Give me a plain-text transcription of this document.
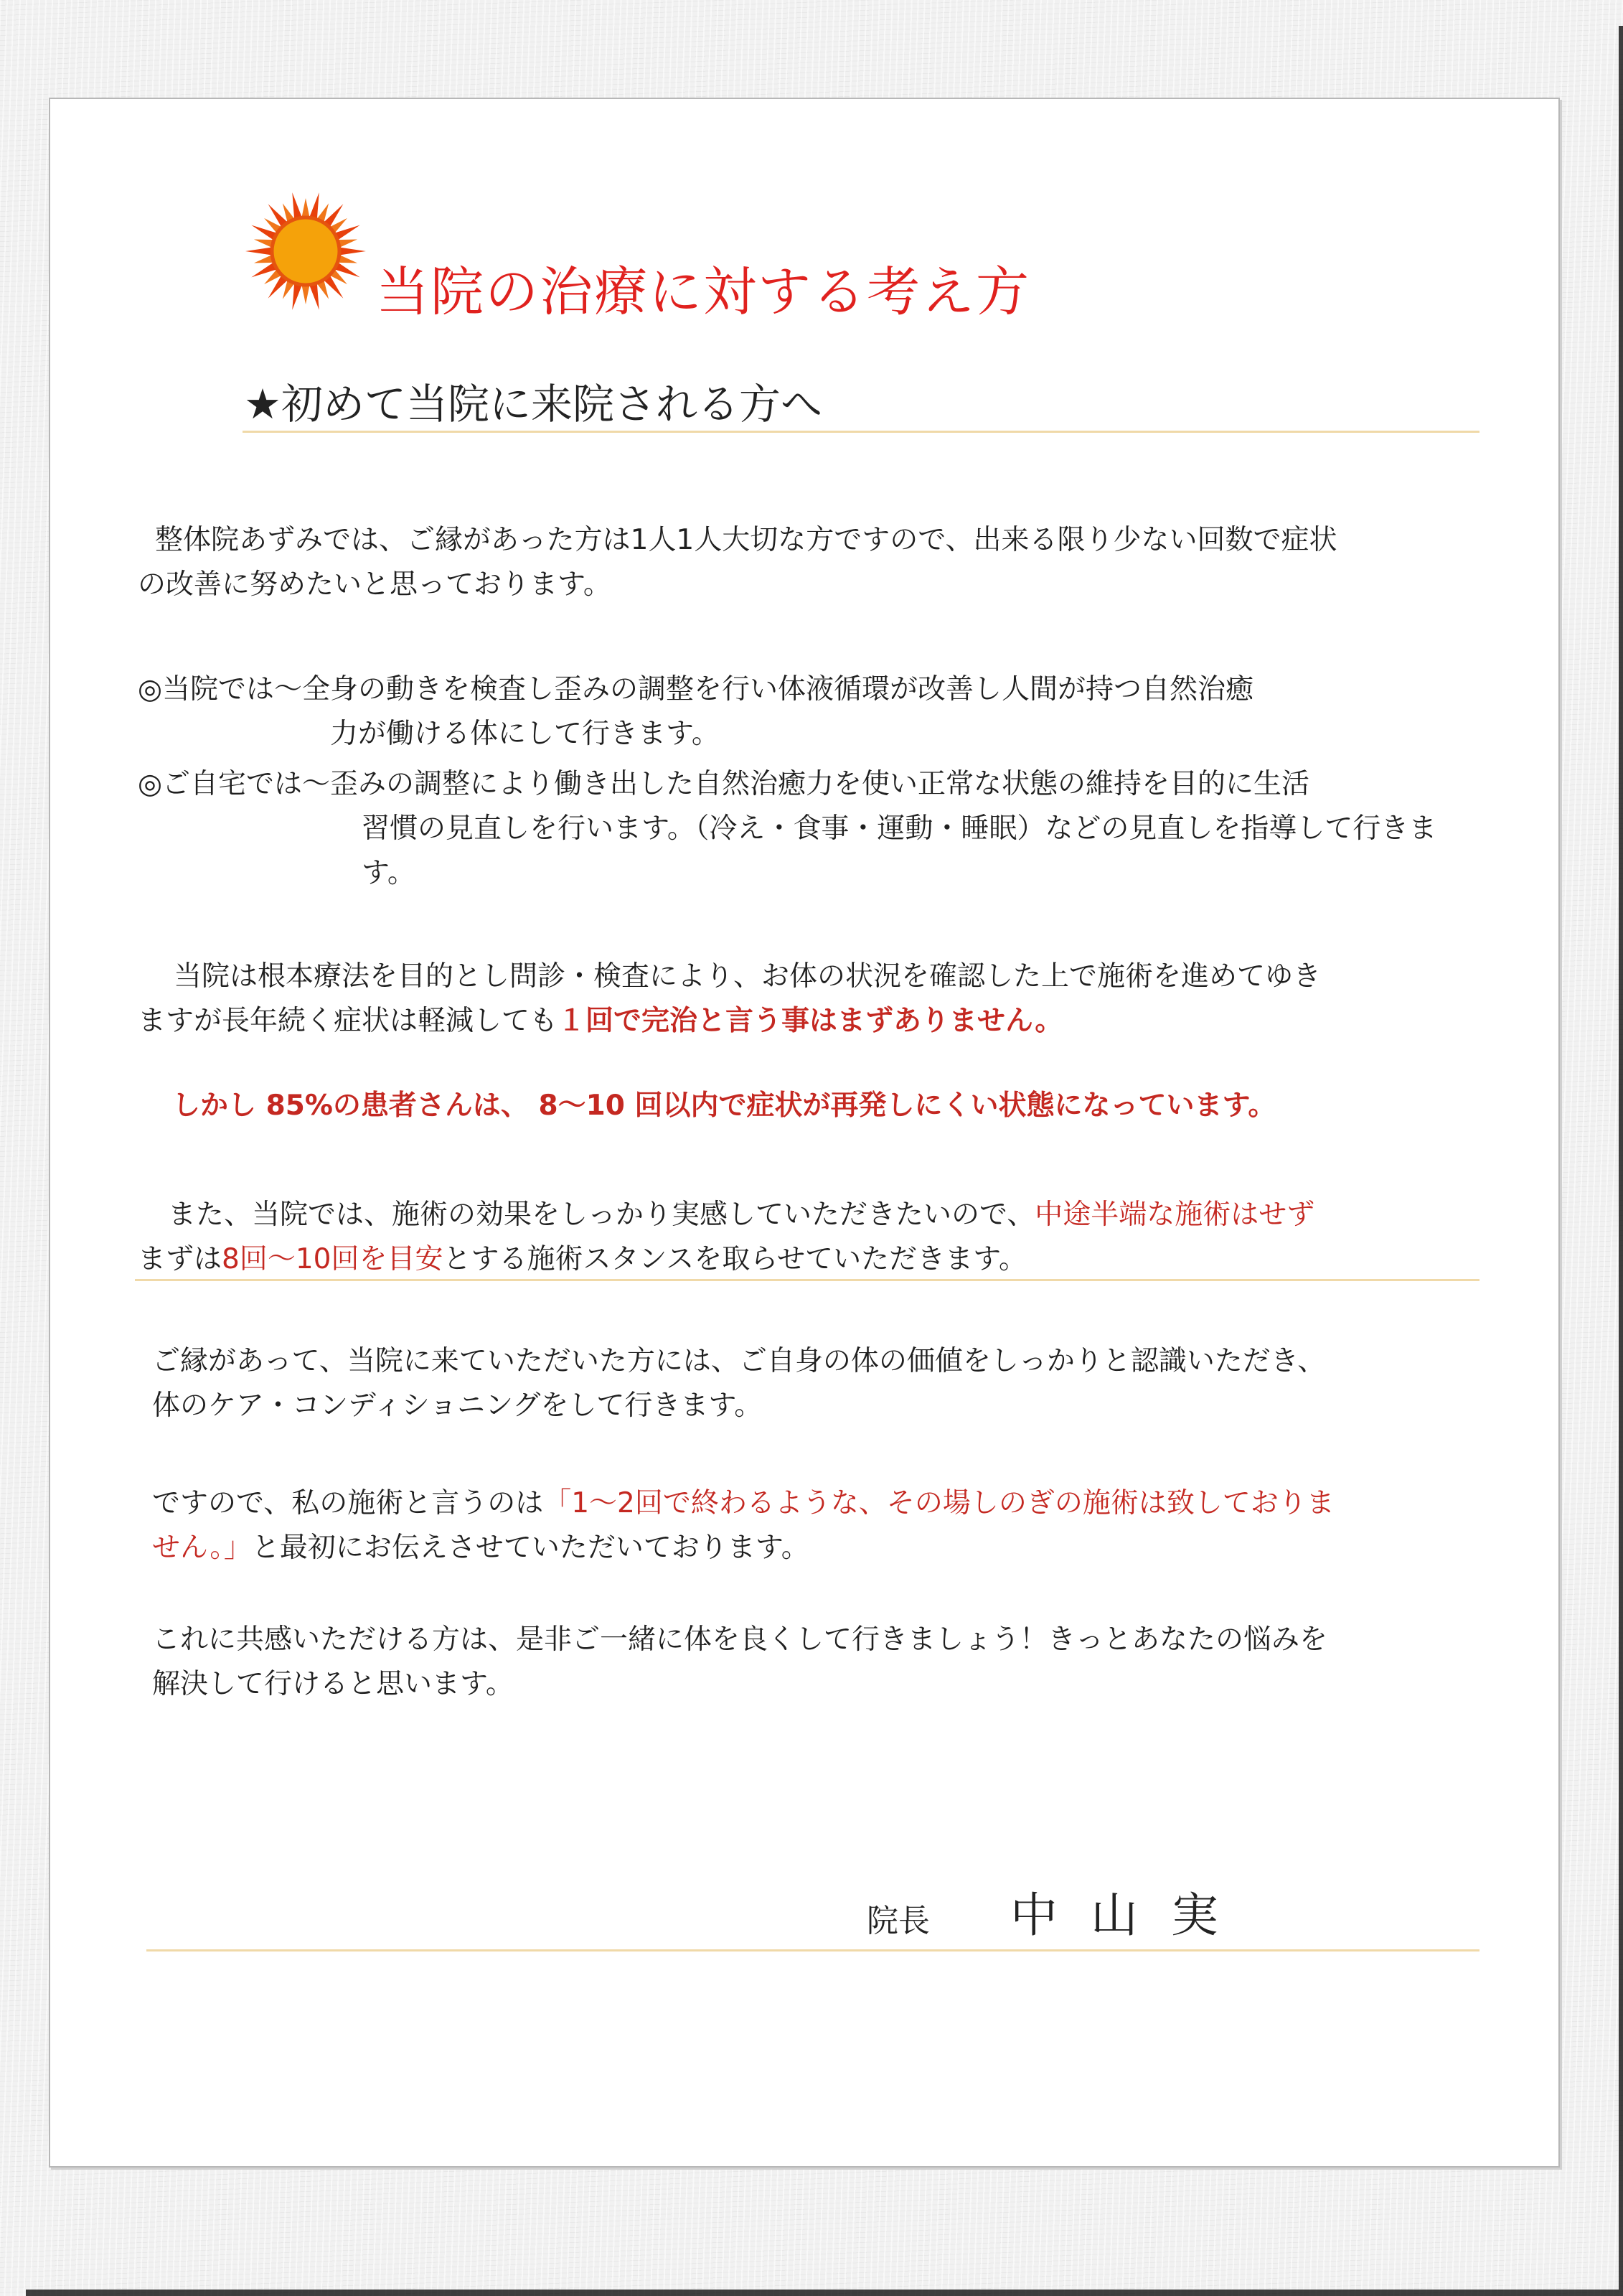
当院の治療に対する考え方
★初めて当院に来院される方へ
整体院あずみでは、ご縁があった方は1人1人大切な方ですので、出来る限り少ない回数で症状
の改善に努めたいと思っております。
◎当院では～全身の動きを検査し歪みの調整を行い体液循環が改善し人間が持つ自然治癒
力が働ける体にして行きます。
◎ご自宅では～歪みの調整により働き出した自然治癒力を使い正常な状態の維持を目的に生活
習慣の見直しを行います。（冷え・食事・運動・睡眠）などの見直しを指導して行きま
す。
当院は根本療法を目的とし問診・検査により、お体の状況を確認した上で施術を進めてゆき
ますが長年続く症状は軽減しても１回で完治と言う事はまずありません。
しかし 85%の患者さんは、 8～10 回以内で症状が再発しにくい状態になっています。
また、当院では、施術の効果をしっかり実感していただきたいので、中途半端な施術はせず
まずは8回～10回を目安とする施術スタンスを取らせていただきます。
ご縁があって、当院に来ていただいた方には、ご自身の体の価値をしっかりと認識いただき、
体のケア・コンディショニングをして行きます。
ですので、私の施術と言うのは「1～2回で終わるような、その場しのぎの施術は致しておりま
せん。」と最初にお伝えさせていただいております。
これに共感いただける方は、是非ご一緒に体を良くして行きましょう！きっとあなたの悩みを
解決して行けると思います。
院長 中山実
